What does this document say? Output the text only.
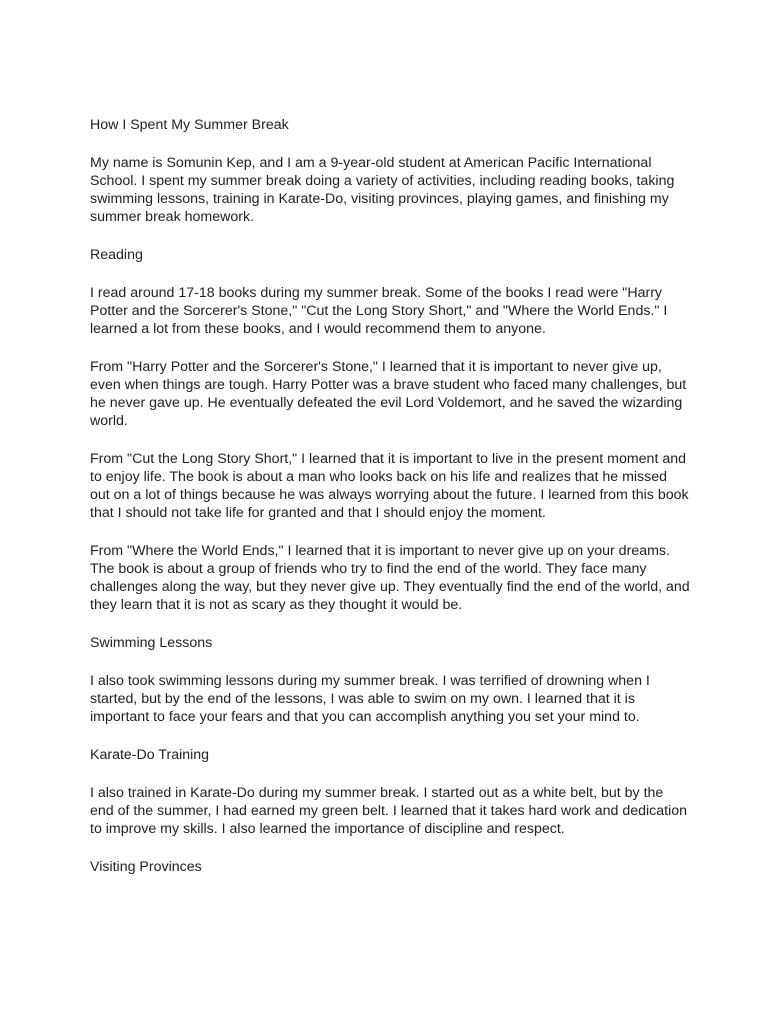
How I Spent My Summer Break

My name is Somunin Kep, and I am a 9-year-old student at American Pacific International School. I spent my summer break doing a variety of activities, including reading books, taking swimming lessons, training in Karate-Do, visiting provinces, playing games, and finishing my summer break homework.

Reading

I read around 17-18 books during my summer break. Some of the books I read were "Harry Potter and the Sorcerer's Stone," "Cut the Long Story Short," and "Where the World Ends." I learned a lot from these books, and I would recommend them to anyone.

From "Harry Potter and the Sorcerer's Stone," I learned that it is important to never give up, even when things are tough. Harry Potter was a brave student who faced many challenges, but he never gave up. He eventually defeated the evil Lord Voldemort, and he saved the wizarding world.

From "Cut the Long Story Short," I learned that it is important to live in the present moment and to enjoy life. The book is about a man who looks back on his life and realizes that he missed out on a lot of things because he was always worrying about the future. I learned from this book that I should not take life for granted and that I should enjoy the moment.

From "Where the World Ends," I learned that it is important to never give up on your dreams. The book is about a group of friends who try to find the end of the world. They face many challenges along the way, but they never give up. They eventually find the end of the world, and they learn that it is not as scary as they thought it would be.

Swimming Lessons

I also took swimming lessons during my summer break. I was terrified of drowning when I started, but by the end of the lessons, I was able to swim on my own. I learned that it is important to face your fears and that you can accomplish anything you set your mind to.

Karate-Do Training

I also trained in Karate-Do during my summer break. I started out as a white belt, but by the end of the summer, I had earned my green belt. I learned that it takes hard work and dedication to improve my skills. I also learned the importance of discipline and respect.

Visiting Provinces
